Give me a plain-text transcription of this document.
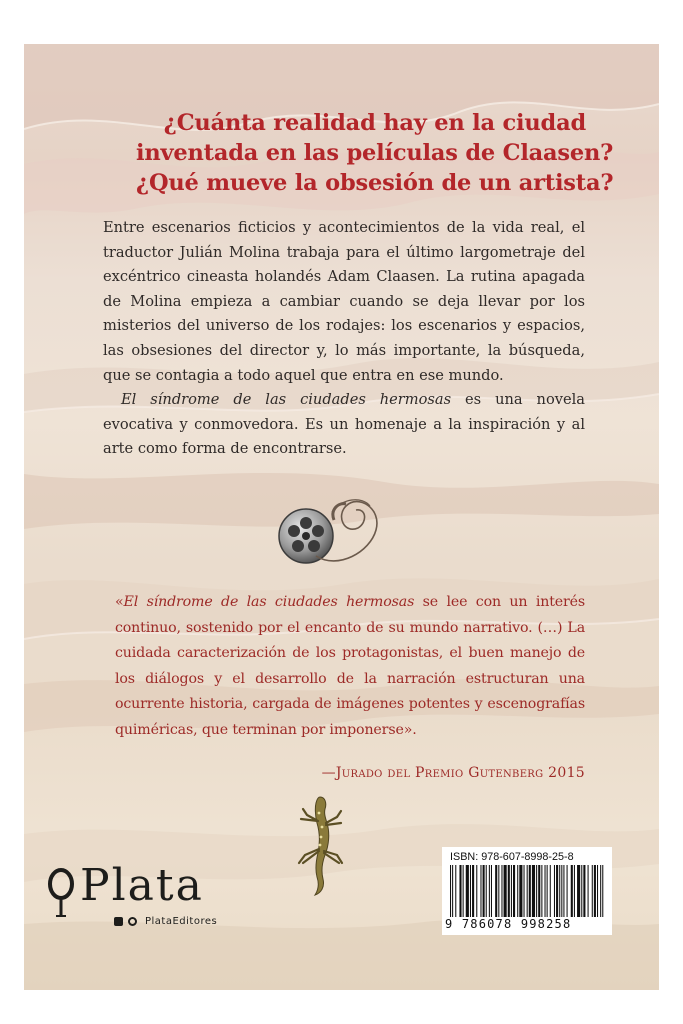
¿Cuánta realidad hay en la ciudad
inventada en las películas de Claasen?
¿Qué mueve la obsesión de un artista?

Entre escenarios ficticios y acontecimientos de la vida real, el traductor Julián Molina trabaja para el último largometraje del excéntrico cineasta holandés Adam Claasen. La rutina apagada de Molina empieza a cambiar cuando se deja llevar por los misterios del universo de los rodajes: los escenarios y espacios, las obsesiones del director y, lo más importante, la búsqueda, que se contagia a todo aquel que entra en ese mundo.

El síndrome de las ciudades hermosas es una novela evocativa y conmovedora. Es un homenaje a la inspiración y al arte como forma de encontrarse.

«El síndrome de las ciudades hermosas se lee con un interés continuo, sostenido por el encanto de su mundo narrativo. (…) La cuidada caracterización de los protagonistas, el buen manejo de los diálogos y el desarrollo de la narración estructuran una ocurrente historia, cargada de imágenes potentes y escenografías quiméricas, que terminan por imponerse».
—Jurado del Premio Gutenberg 2015
Plata
PlataEditores
ISBN: 978-607-8998-25-8
9 786078 998258
